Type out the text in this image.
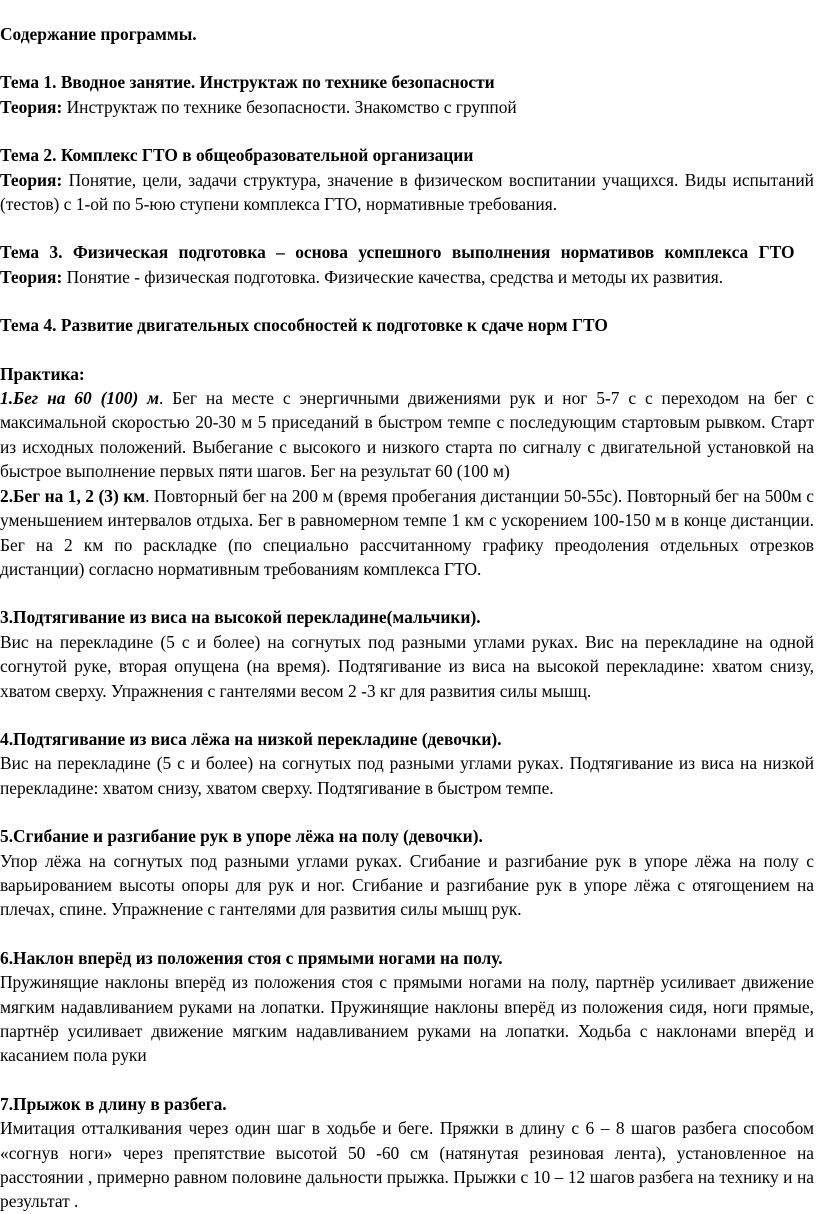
Содержание программы.

Тема 1. Вводное занятие. Инструктаж по технике безопасности

Теория: Инструктаж по технике безопасности. Знакомство с группой

Тема 2. Комплекс ГТО в общеобразовательной организации

Теория: Понятие, цели, задачи структура, значение в физическом воспитании учащихся. Виды испытаний (тестов) с 1-ой по 5-юю ступени комплекса ГТО, нормативные требования.

Тема 3. Физическая подготовка – основа успешного выполнения нормативов комплекса ГТО

Теория: Понятие - физическая подготовка. Физические качества, средства и методы их развития.

Тема 4. Развитие двигательных способностей к подготовке к сдаче норм ГТО

Практика:

1.Бег на 60 (100) м. Бег на месте с энергичными движениями рук и ног 5-7 с с переходом на бег с максимальной скоростью 20-30 м 5 приседаний в быстром темпе с последующим стартовым рывком. Старт из исходных положений. Выбегание с высокого и низкого старта по сигналу с двигательной установкой на быстрое выполнение первых пяти шагов. Бег на результат 60 (100 м)

2.Бег на 1, 2 (3) км. Повторный бег на 200 м (время пробегания дистанции 50-55с). Повторный бег на 500м с уменьшением интервалов отдыха. Бег в равномерном темпе 1 км с ускорением 100-150 м в конце дистанции. Бег на 2 км по раскладке (по специально рассчитанному графику преодоления отдельных отрезков дистанции) согласно нормативным требованиям комплекса ГТО.

3.Подтягивание из виса на высокой перекладине(мальчики).

Вис на перекладине (5 с и более) на согнутых под разными углами руках. Вис на перекладине на одной согнутой руке, вторая опущена (на время). Подтягивание из виса на высокой перекладине: хватом снизу, хватом сверху. Упражнения с гантелями весом 2 -3 кг для развития силы мышц.

4.Подтягивание из виса лёжа на низкой перекладине (девочки).

Вис на перекладине (5 с и более) на согнутых под разными углами руках. Подтягивание из виса на низкой перекладине: хватом снизу, хватом сверху. Подтягивание в быстром темпе.

5.Сгибание и разгибание рук в упоре лёжа на полу (девочки).

Упор лёжа на согнутых под разными углами руках. Сгибание и разгибание рук в упоре лёжа на полу с варьированием высоты опоры для рук и ног. Сгибание и разгибание рук в упоре лёжа с отягощением на плечах, спине. Упражнение с гантелями для развития силы мышц рук.

6.Наклон вперёд из положения стоя с прямыми ногами на полу.

Пружинящие наклоны вперёд из положения стоя с прямыми ногами на полу, партнёр усиливает движение мягким надавливанием руками на лопатки. Пружинящие наклоны вперёд из положения сидя, ноги прямые, партнёр усиливает движение мягким надавливанием руками на лопатки. Ходьба с наклонами вперёд и касанием пола руки

7.Прыжок в длину в разбега.

Имитация отталкивания через один шаг в ходьбе и беге. Пряжки в длину с 6 – 8 шагов разбега способом «согнув ноги» через препятствие высотой 50 -60 см (натянутая резиновая лента), установленное на расстоянии , примерно равном половине дальности прыжка. Прыжки с 10 – 12 шагов разбега на технику и на результат .
